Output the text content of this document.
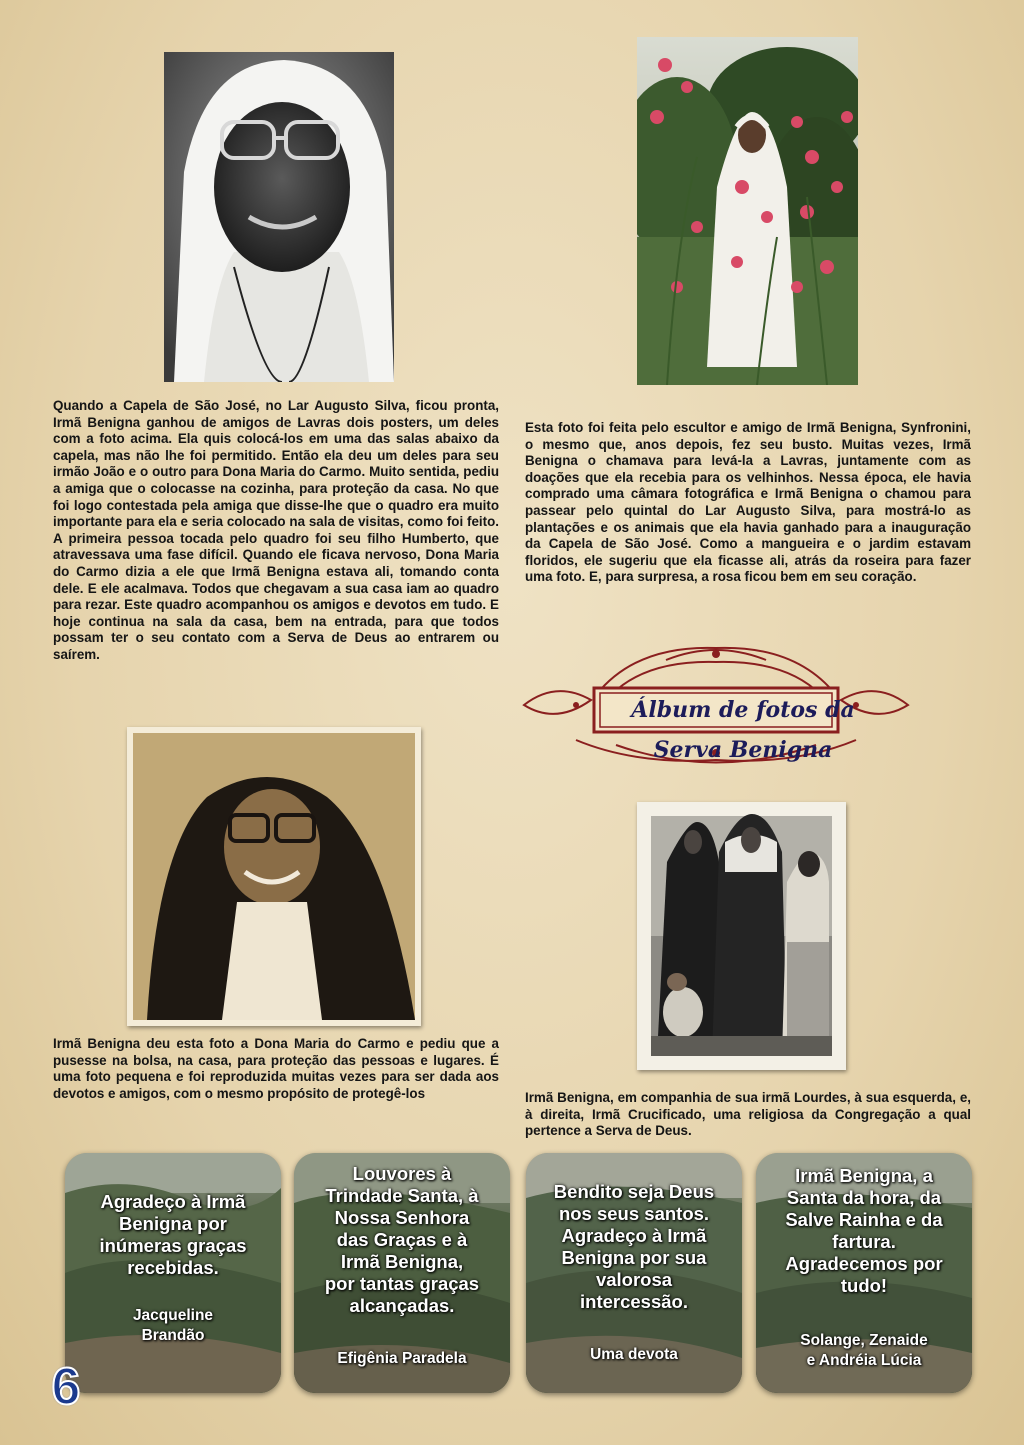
Quando a Capela de São José, no Lar Augusto Silva, ficou pronta, Irmã Benigna ganhou de amigos de Lavras dois posters, um deles com a foto acima. Ela quis colocá-los em uma das salas abaixo da capela, mas não lhe foi permitido. Então ela deu um deles para seu irmão João e o outro para Dona Maria do Carmo. Muito sentida, pediu a amiga que o colocasse na cozinha, para proteção da casa. No que foi logo contestada pela amiga que disse-lhe que o quadro era muito importante para ela e seria colocado na sala de visitas, como foi feito. A primeira pessoa tocada pelo quadro foi seu filho Humberto, que atravessava uma fase difícil. Quando ele ficava nervoso, Dona Maria do Carmo dizia a ele que Irmã Benigna estava ali, tomando conta dele. E ele acalmava. Todos que chegavam a sua casa iam ao quadro para rezar. Este quadro acompanhou os amigos e devotos em tudo. E hoje continua na sala da casa, bem na entrada, para que todos possam ter o seu contato com a Serva de Deus ao entrarem ou saírem.

Esta foto foi feita pelo escultor e amigo de Irmã Benigna, Synfronini, o mesmo que, anos depois, fez seu busto. Muitas vezes, Irmã Benigna o chamava para levá-la a Lavras, juntamente com as doações que ela recebia para os velhinhos. Nessa época, ele havia comprado uma câmara fotográfica e Irmã Benigna o chamou para passear pelo quintal do Lar Augusto Silva, para mostrá-lo as plantações e os animais que ela havia ganhado para a inauguração da Capela de São José. Como a mangueira e o jardim estavam floridos, ele sugeriu que ela ficasse ali, atrás da roseira para fazer uma foto. E, para surpresa, a rosa ficou bem em seu coração.

Álbum de fotos da Serva Benigna

Irmã Benigna deu esta foto a Dona Maria do Carmo e pediu que a pusesse na bolsa, na casa, para proteção das pessoas e lugares. É uma foto pequena e foi reproduzida muitas vezes para ser dada aos devotos e amigos, com o mesmo propósito de protegê-los	Irmã Benigna, em companhia de sua irmã Lourdes, à sua esquerda, e, à direita, Irmã Crucificado, uma religiosa da Congregação a qual pertence a Serva de Deus.

Agradeço à Irmã
Benigna por
inúmeras graças
recebidas.
Jacqueline
Brandão
Louvores à
Trindade Santa, à
Nossa Senhora
das Graças e à
Irmã Benigna,
por tantas graças
alcançadas.
Efigênia Paradela
Bendito seja Deus
nos seus santos.
Agradeço à Irmã
Benigna por sua
valorosa
intercessão.
Uma devota
Irmã Benigna, a
Santa da hora, da
Salve Rainha e da
fartura.
Agradecemos por
tudo!
Solange, Zenaide
e Andréia Lúcia
6
